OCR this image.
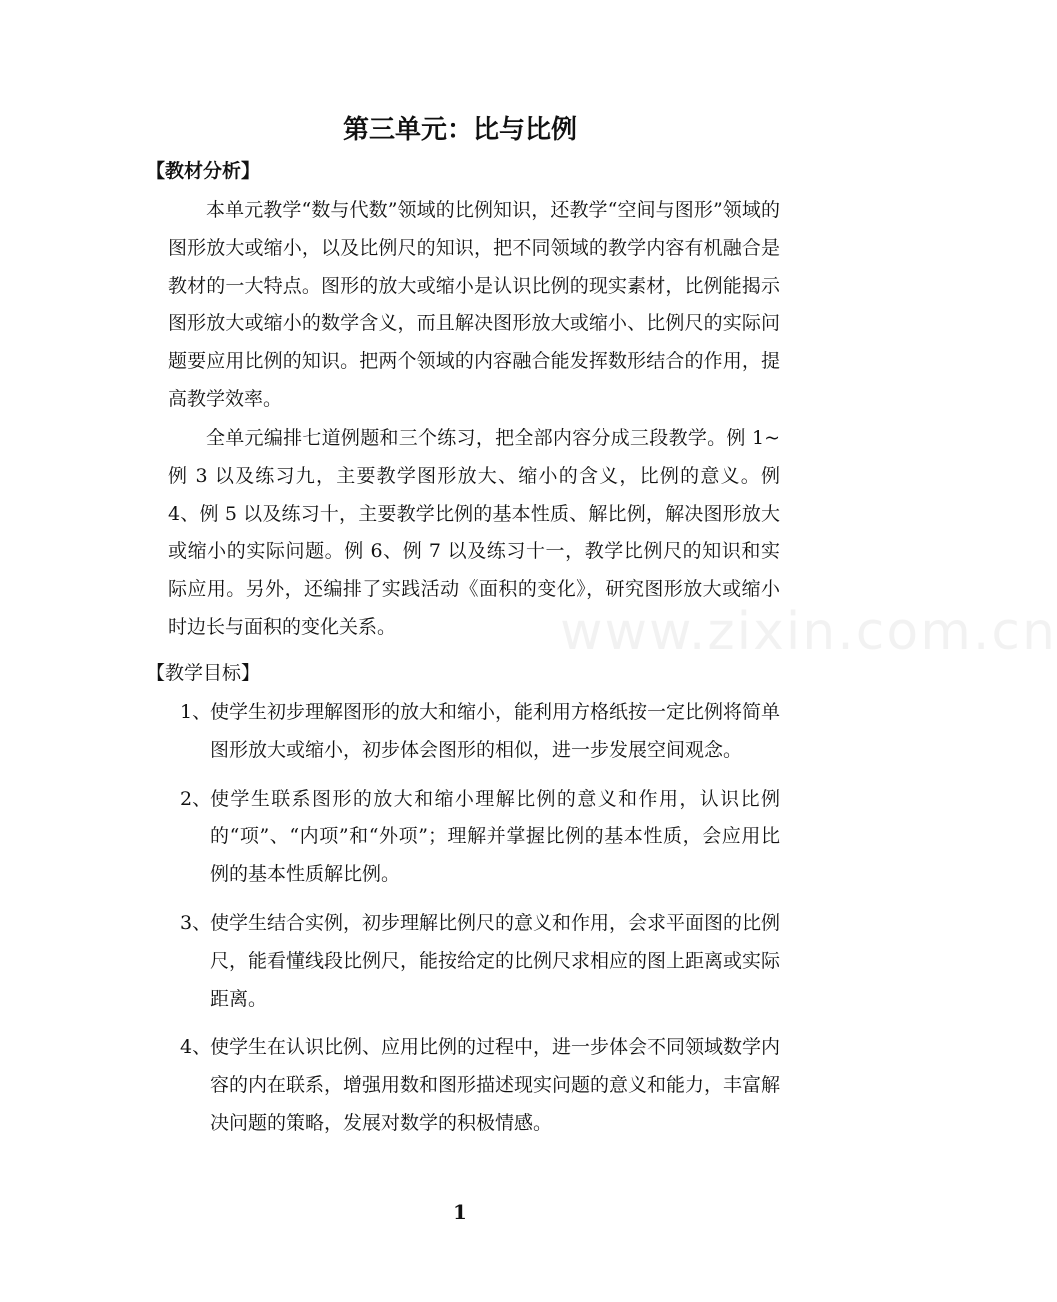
www.zixin.com.cn
第三单元：比与比例
【教材分析】

本单元教学“数与代数”领域的比例知识，还教学“空间与图形”领域的图形放大或缩小，以及比例尺的知识，把不同领域的教学内容有机融合是教材的一大特点。图形的放大或缩小是认识比例的现实素材，比例能揭示图形放大或缩小的数学含义，而且解决图形放大或缩小、比例尺的实际问题要应用比例的知识。把两个领域的内容融合能发挥数形结合的作用，提高教学效率。

全单元编排七道例题和三个练习，把全部内容分成三段教学。例 1~例 3 以及练习九，主要教学图形放大、缩小的含义，比例的意义。例 4、例 5 以及练习十，主要教学比例的基本性质、解比例，解决图形放大或缩小的实际问题。例 6、例 7 以及练习十一，教学比例尺的知识和实际应用。另外，还编排了实践活动《面积的变化》，研究图形放大或缩小时边长与面积的变化关系。

【教学目标】
1、
使学生初步理解图形的放大和缩小，能利用方格纸按一定比例将简单图形放大或缩小，初步体会图形的相似，进一步发展空间观念。
2、
使学生联系图形的放大和缩小理解比例的意义和作用，认识比例的“项”、“内项”和“外项”；理解并掌握比例的基本性质，会应用比例的基本性质解比例。
3、
使学生结合实例，初步理解比例尺的意义和作用，会求平面图的比例尺，能看懂线段比例尺，能按给定的比例尺求相应的图上距离或实际距离。
4、
使学生在认识比例、应用比例的过程中，进一步体会不同领域数学内容的内在联系，增强用数和图形描述现实问题的意义和能力，丰富解决问题的策略，发展对数学的积极情感。
1
